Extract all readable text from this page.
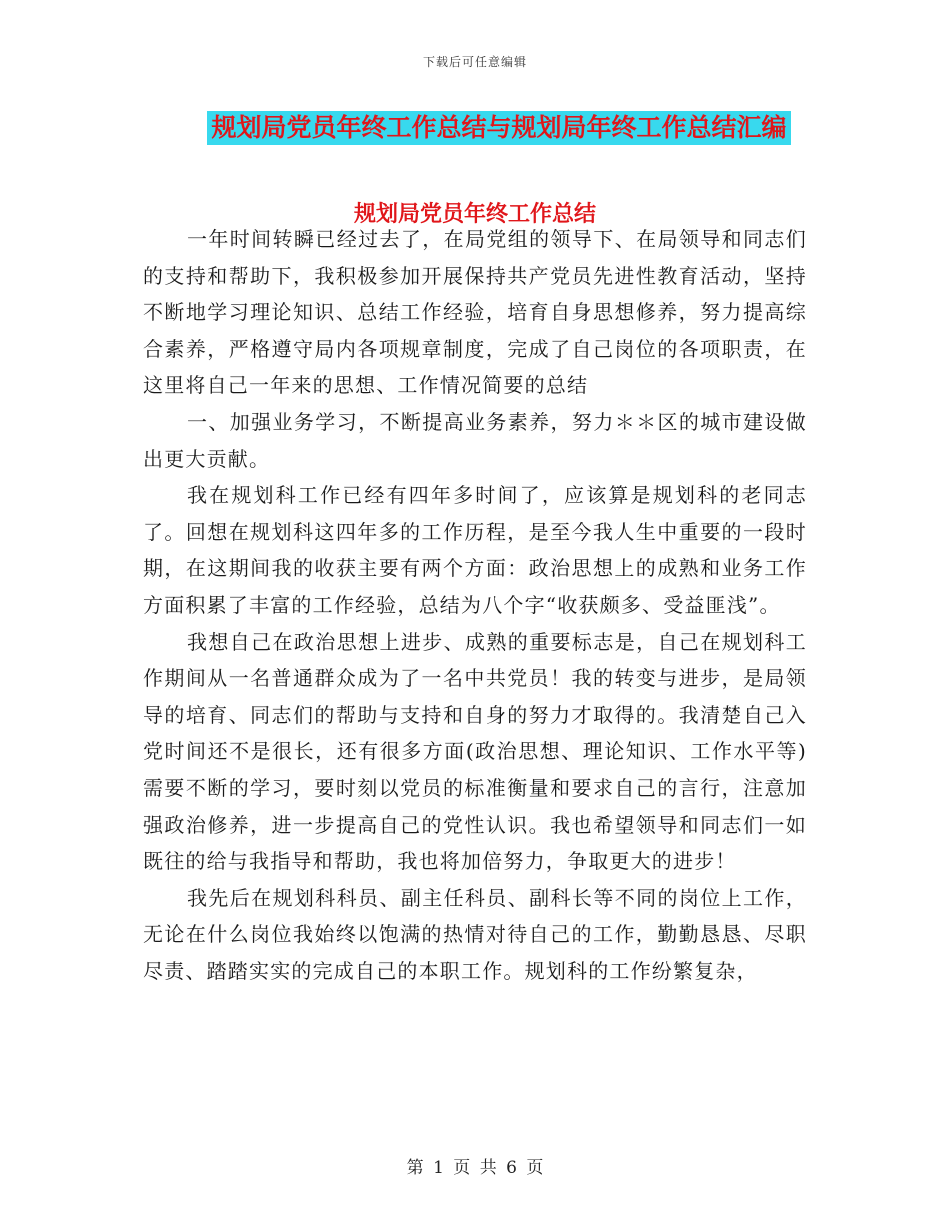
下载后可任意编辑
规划局党员年终工作总结与规划局年终工作总结汇编
规划局党员年终工作总结

一年时间转瞬已经过去了，在局党组的领导下、在局领导和同志们的支持和帮助下，我积极参加开展保持共产党员先进性教育活动，坚持不断地学习理论知识、总结工作经验，培育自身思想修养，努力提高综合素养，严格遵守局内各项规章制度，完成了自己岗位的各项职责，在这里将自己一年来的思想、工作情况简要的总结

一、加强业务学习，不断提高业务素养，努力＊＊区的城市建设做出更大贡献。

我在规划科工作已经有四年多时间了，应该算是规划科的老同志了。回想在规划科这四年多的工作历程，是至今我人生中重要的一段时期，在这期间我的收获主要有两个方面：政治思想上的成熟和业务工作方面积累了丰富的工作经验，总结为八个字“收获颇多、受益匪浅”。

我想自己在政治思想上进步、成熟的重要标志是，自己在规划科工作期间从一名普通群众成为了一名中共党员！我的转变与进步，是局领导的培育、同志们的帮助与支持和自身的努力才取得的。我清楚自己入党时间还不是很长，还有很多方面(政治思想、理论知识、工作水平等)需要不断的学习，要时刻以党员的标准衡量和要求自己的言行，注意加强政治修养，进一步提高自己的党性认识。我也希望领导和同志们一如既往的给与我指导和帮助，我也将加倍努力，争取更大的进步！

我先后在规划科科员、副主任科员、副科长等不同的岗位上工作，无论在什么岗位我始终以饱满的热情对待自己的工作，勤勤恳恳、尽职尽责、踏踏实实的完成自己的本职工作。规划科的工作纷繁复杂，

第 1 页 共 6 页
